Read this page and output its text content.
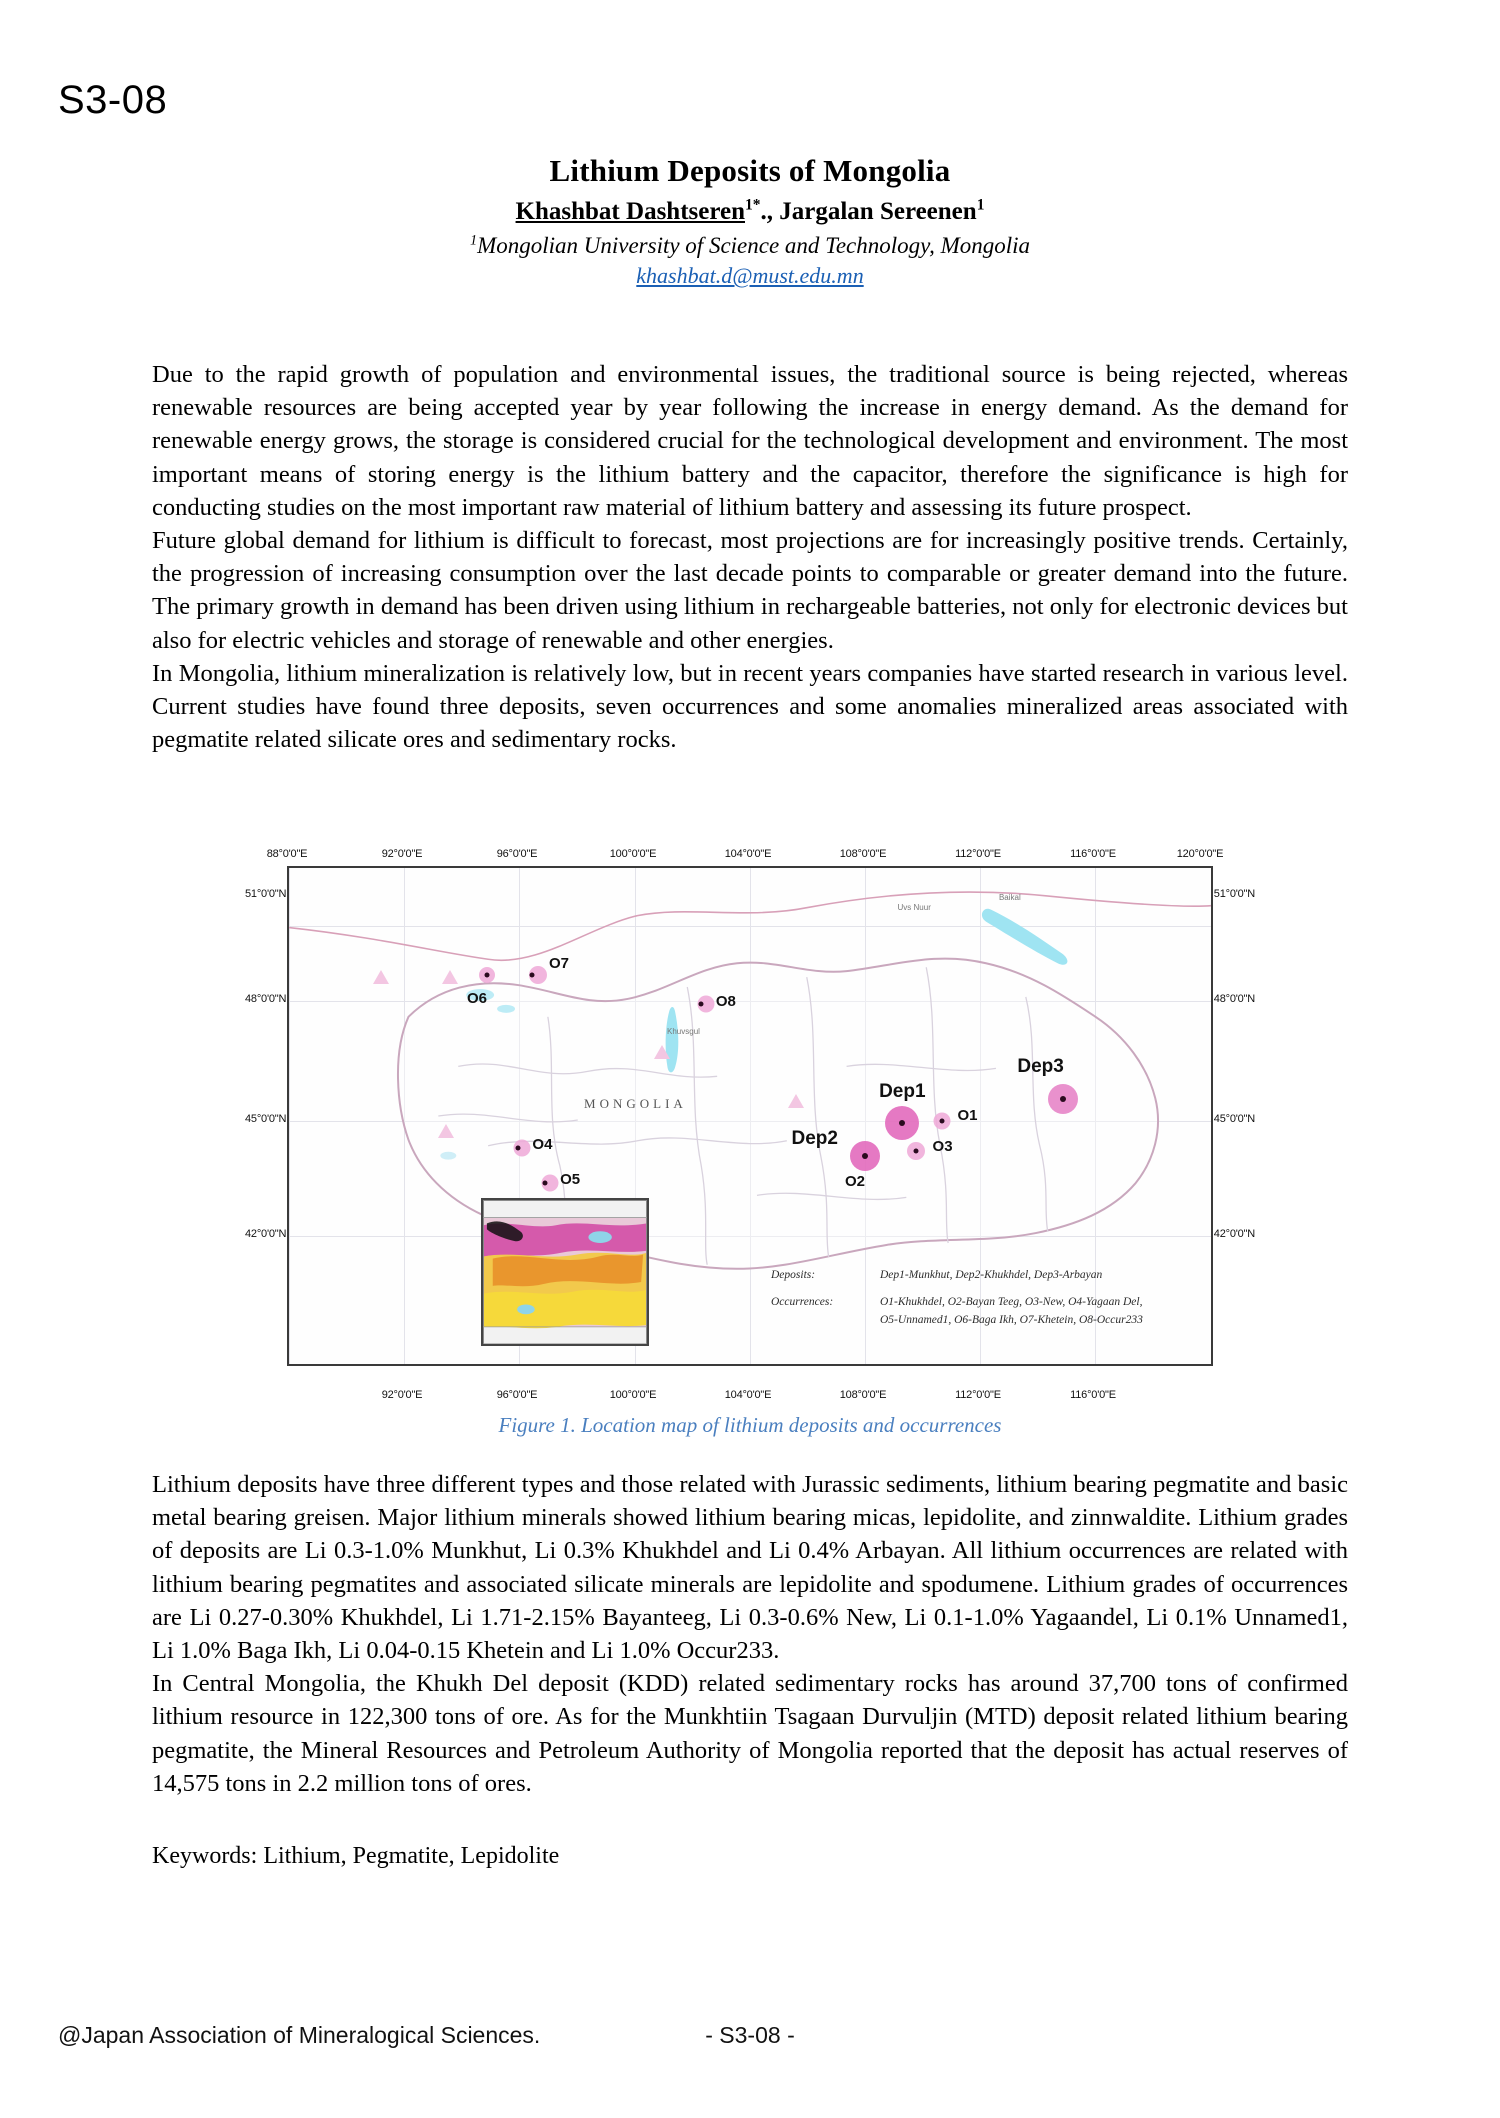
S3-08
Lithium Deposits of Mongolia
Khashbat Dashtseren$^{1*}$., Jargalan Sereenen$^1$
$^1$Mongolian University of Science and Technology, Mongolia
khashbat.d@must.edu.mn

Due to the rapid growth of population and environmental issues, the traditional source is being rejected, whereas renewable resources are being accepted year by year following the increase in energy demand. As the demand for renewable energy grows, the storage is considered crucial for the technological development and environment. The most important means of storing energy is the lithium battery and the capacitor, therefore the significance is high for conducting studies on the most important raw material of lithium battery and assessing its future prospect.

Future global demand for lithium is difficult to forecast, most projections are for increasingly positive trends. Certainly, the progression of increasing consumption over the last decade points to comparable or greater demand into the future. The primary growth in demand has been driven using lithium in rechargeable batteries, not only for electronic devices but also for electric vehicles and storage of renewable and other energies.

In Mongolia, lithium mineralization is relatively low, but in recent years companies have started research in various level. Current studies have found three deposits, seven occurrences and some anomalies mineralized areas associated with pegmatite related silicate ores and sedimentary rocks.

88°0'0"E	92°0'0"E	96°0'0"E	100°0'0"E	104°0'0"E	108°0'0"E	112°0'0"E	116°0'0"E	120°0'0"E
51°0'0"N
48°0'0"N
45°0'0"N
42°0'0"N
51°0'0"N
48°0'0"N
45°0'0"N
42°0'0"N
92°0'0"E	96°0'0"E	100°0'0"E	104°0'0"E	108°0'0"E	112°0'0"E	116°0'0"E
Khuvsgul
Uvs Nuur
Baikal
MONGOLIA
O7
O6	O8
Dep3
Dep1
O1
Dep2
O2
O3
O4
O5
Deposits:	Dep1-Munkhut, Dep2-Khukhdel, Dep3-Arbayan
Occurrences:	O1-Khukhdel, O2-Bayan Teeg, O3-New, O4-Yagaan Del,
O5-Unnamed1, O6-Baga Ikh, O7-Khetein, O8-Occur233
Figure 1. Location map of lithium deposits and occurrences

Lithium deposits have three different types and those related with Jurassic sediments, lithium bearing pegmatite and basic metal bearing greisen. Major lithium minerals showed lithium bearing micas, lepidolite, and zinnwaldite. Lithium grades of deposits are Li 0.3-1.0% Munkhut, Li 0.3% Khukhdel and Li 0.4% Arbayan. All lithium occurrences are related with lithium bearing pegmatites and associated silicate minerals are lepidolite and spodumene. Lithium grades of occurrences are Li 0.27-0.30% Khukhdel, Li 1.71-2.15% Bayanteeg, Li 0.3-0.6% New, Li 0.1-1.0% Yagaandel, Li 0.1% Unnamed1, Li 1.0% Baga Ikh, Li 0.04-0.15 Khetein and Li 1.0% Occur233.

In Central Mongolia, the Khukh Del deposit (KDD) related sedimentary rocks has around 37,700 tons of confirmed lithium resource in 122,300 tons of ore. As for the Munkhtiin Tsagaan Durvuljin (MTD) deposit related lithium bearing pegmatite, the Mineral Resources and Petroleum Authority of Mongolia reported that the deposit has actual reserves of 14,575 tons in 2.2 million tons of ores.

Keywords: Lithium, Pegmatite, Lepidolite
@Japan Association of Mineralogical Sciences.	- S3-08 -
